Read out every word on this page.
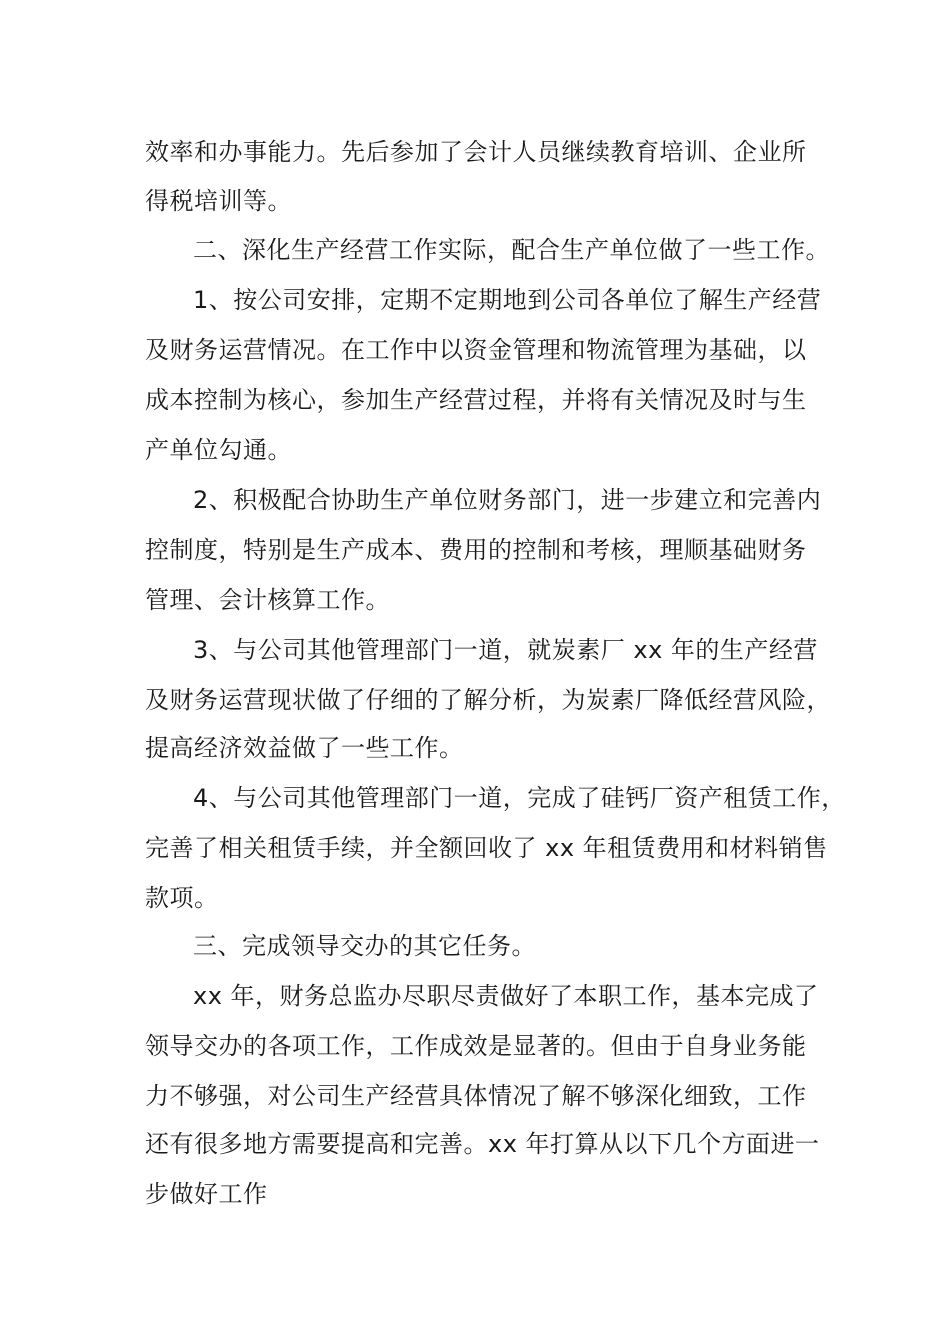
效率和办事能力。先后参加了会计人员继续教育培训、企业所
得税培训等。
二、深化生产经营工作实际，配合生产单位做了一些工作。
1、按公司安排，定期不定期地到公司各单位了解生产经营
及财务运营情况。在工作中以资金管理和物流管理为基础，以
成本控制为核心，参加生产经营过程，并将有关情况及时与生
产单位勾通。
2、积极配合协助生产单位财务部门，进一步建立和完善内
控制度，特别是生产成本、费用的控制和考核，理顺基础财务
管理、会计核算工作。
3、与公司其他管理部门一道，就炭素厂 xx 年的生产经营
及财务运营现状做了仔细的了解分析，为炭素厂降低经营风险，
提高经济效益做了一些工作。
4、与公司其他管理部门一道，完成了硅钙厂资产租赁工作，
完善了相关租赁手续，并全额回收了 xx 年租赁费用和材料销售
款项。
三、完成领导交办的其它任务。
xx 年，财务总监办尽职尽责做好了本职工作，基本完成了
领导交办的各项工作，工作成效是显著的。但由于自身业务能
力不够强，对公司生产经营具体情况了解不够深化细致，工作
还有很多地方需要提高和完善。xx 年打算从以下几个方面进一
步做好工作
